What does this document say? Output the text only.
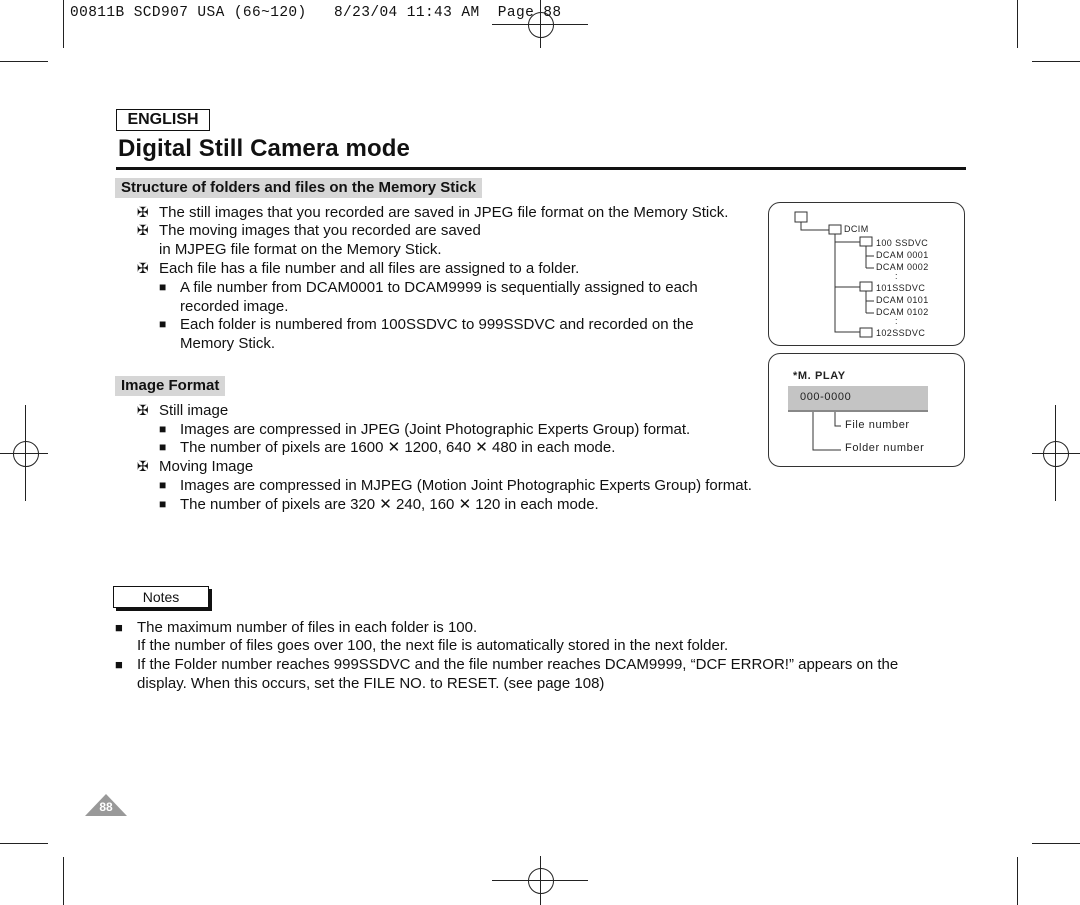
00811B SCD907 USA (66~120)   8/23/04 11:43 AM  Page 88
ENGLISH
Digital Still Camera mode
Structure of folders and files on the Memory Stick
✠ The still images that you recorded are saved in JPEG file format on the Memory Stick.
✠ The moving images that you recorded are saved
in MJPEG file format on the Memory Stick.
✠ Each file has a file number and all files are assigned to a folder.
■ A file number from DCAM0001 to DCAM9999 is sequentially assigned to each
recorded image.
■ Each folder is numbered from 100SSDVC to 999SSDVC and recorded on the
Memory Stick.
Image Format
✠ Still image
■ Images are compressed in JPEG (Joint Photographic Experts Group) format.
■ The number of pixels are 1600 ✕ 1200, 640 ✕ 480 in each mode.
✠ Moving Image
■ Images are compressed in MJPEG (Motion Joint Photographic Experts Group) format.
■ The number of pixels are 320 ✕ 240, 160 ✕ 120 in each mode.
DCIM
100 SSDVC
DCAM 0001
DCAM 0002
:
101SSDVC
DCAM 0101
DCAM 0102
:
102SSDVC
*M. PLAY
000-0000
File number
Folder number
Notes
■ The maximum number of files in each folder is 100.
If the number of files goes over 100, the next file is automatically stored in the next folder.
■ If the Folder number reaches 999SSDVC and the file number reaches DCAM9999, “DCF ERROR!” appears on the
display. When this occurs, set the FILE NO. to RESET. (see page 108)
88
